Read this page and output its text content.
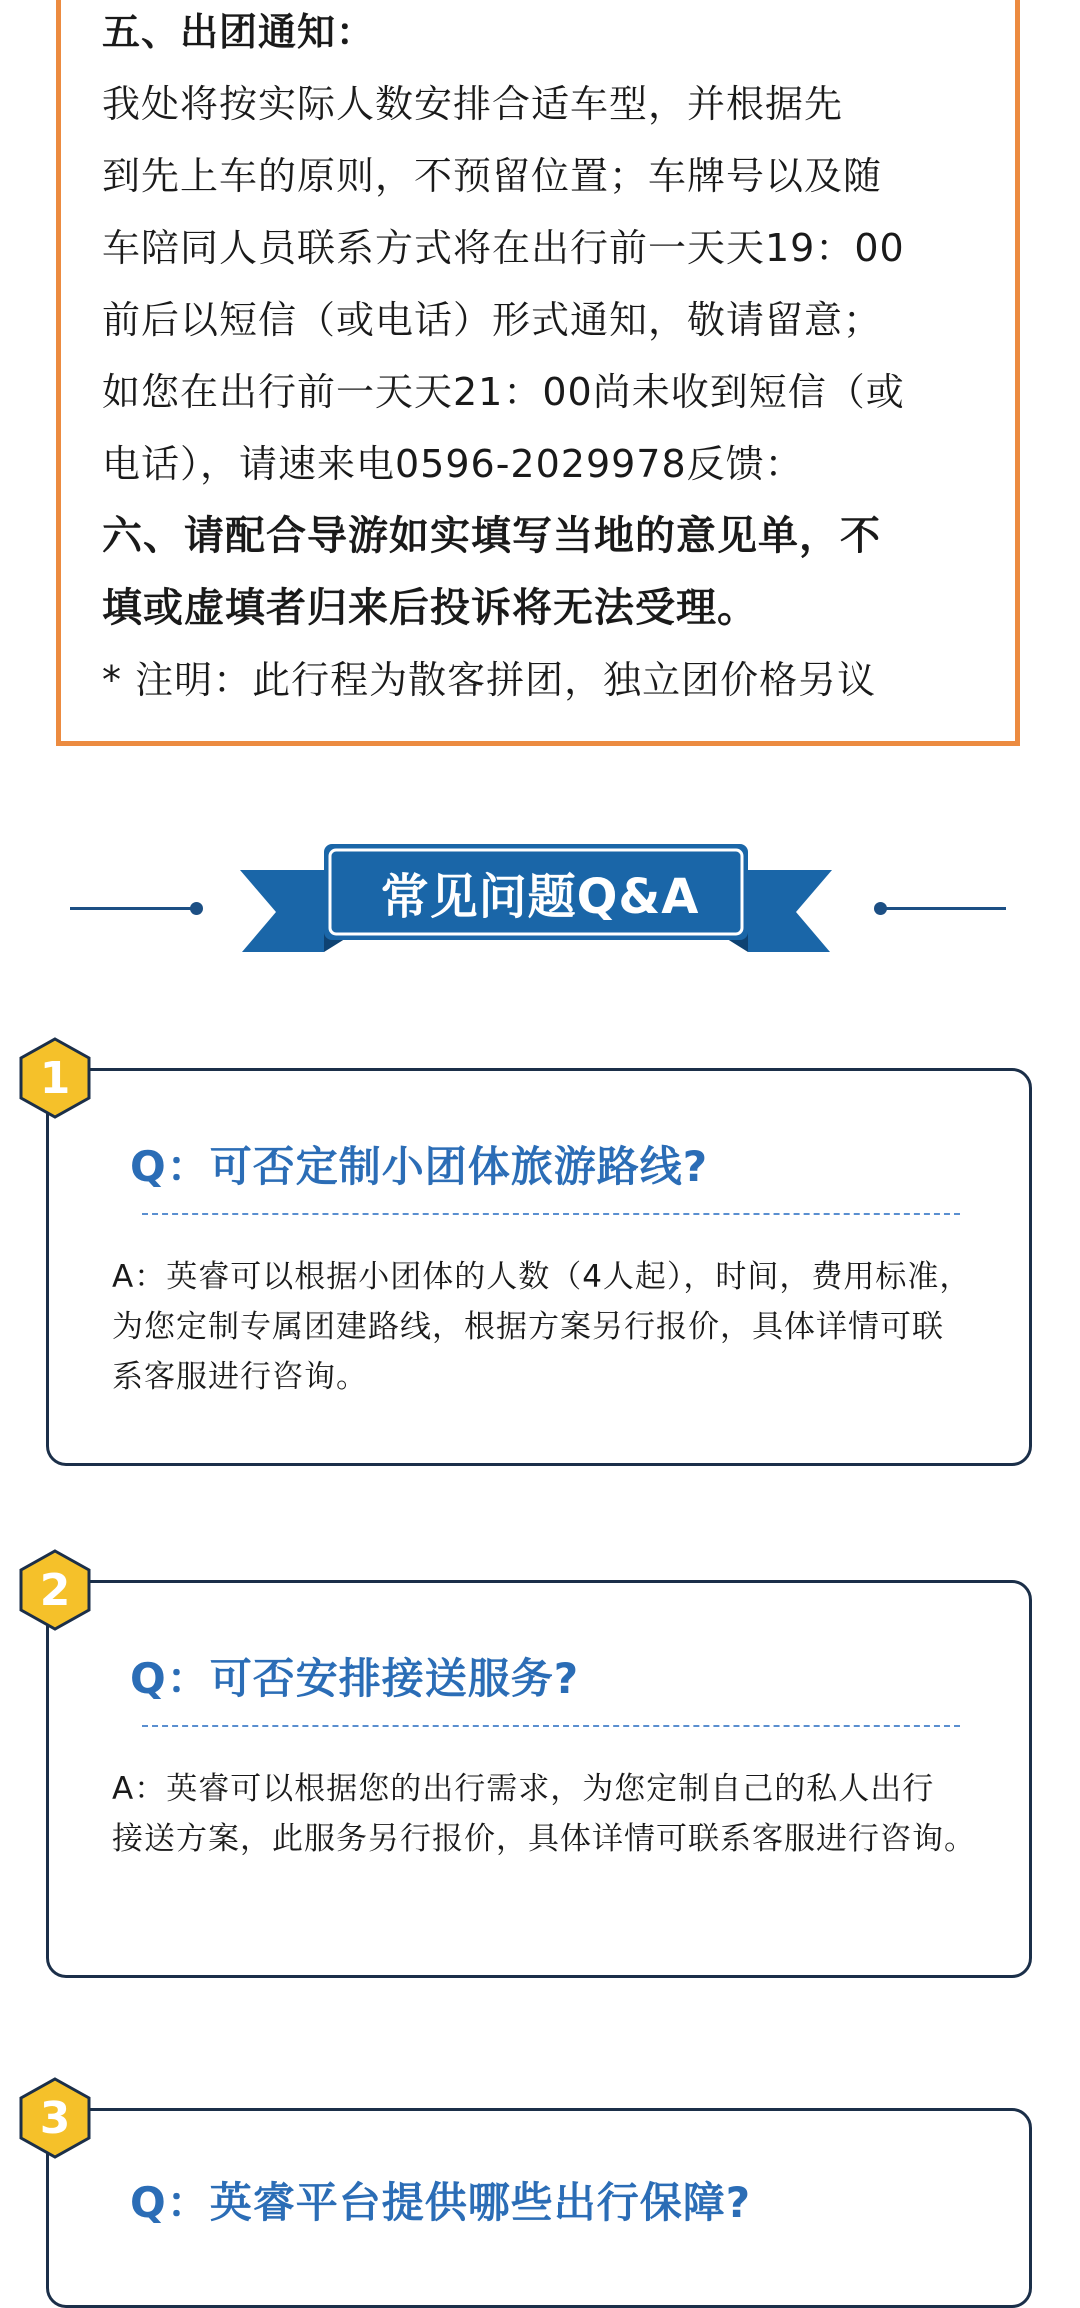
五、出团通知：

我处将按实际人数安排合适车型，并根据先

到先上车的原则，不预留位置；车牌号以及随

车陪同人员联系方式将在出行前一天天19：00

前后以短信（或电话）形式通知，敬请留意；

如您在出行前一天天21：00尚未收到短信（或

电话），请速来电0596-2029978反馈：

六、请配合导游如实填写当地的意见单，不

填或虚填者归来后投诉将无法受理。

* 注明：此行程为散客拼团，独立团价格另议

常见问题Q&A
1
Q：可否定制小团体旅游路线?
A：英睿可以根据小团体的人数（4人起），时间，费用标准，
为您定制专属团建路线，根据方案另行报价，具体详情可联
系客服进行咨询。
2
Q：可否安排接送服务?
A：英睿可以根据您的出行需求，为您定制自己的私人出行
接送方案，此服务另行报价，具体详情可联系客服进行咨询。
3
Q：英睿平台提供哪些出行保障?
